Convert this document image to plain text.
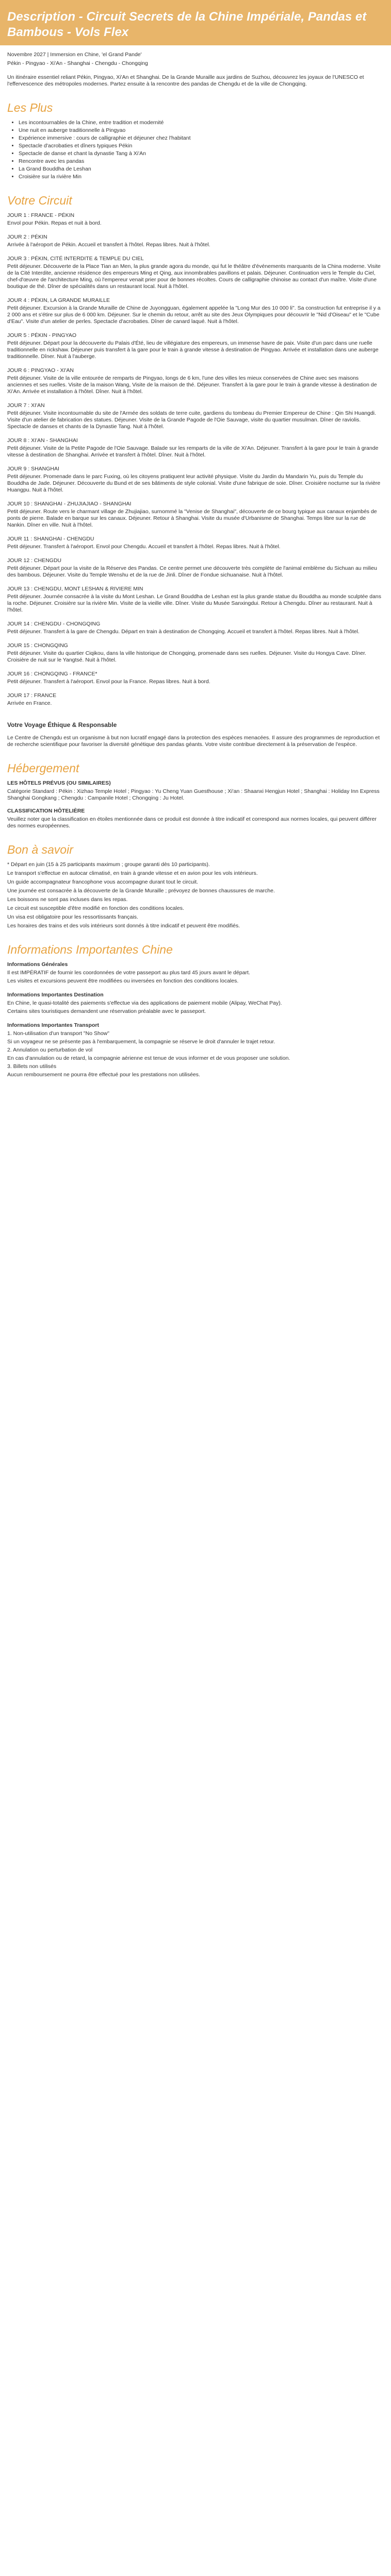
Description - Circuit Secrets de la Chine Impériale, Pandas et

Bambous - Vols Flex

Novembre 2027 | Immersion en Chine, 'el Grand Pande'

Pékin - Pingyao - Xi'An - Shanghai - Chengdu - Chongqing

Un itinéraire essentiel reliant Pékin, Pingyao, Xi'An et Shanghai. De la Grande Muraille aux jardins de Suzhou, découvrez les joyaux de l'UNESCO et l'effervescence des métropoles modernes. Partez ensuite à la rencontre des pandas de Chengdu et de la ville de Chongqing.

Les Plus
• Les incontournables de la Chine, entre tradition et modernité
• Une nuit en auberge traditionnelle à Pingyao
• Expérience immersive : cours de calligraphie et déjeuner chez l'habitant
• Spectacle d'acrobaties et dîners typiques Pékin
• Spectacle de danse et chant la dynastie Tang à Xi'An
• Rencontre avec les pandas
• La Grand Bouddha de Leshan
• Croisière sur la rivière Min
Votre Circuit

JOUR 1 : FRANCE - PÉKIN

Envol pour Pékin. Repas et nuit à bord.

JOUR 2 : PÉKIN

Arrivée à l'aéroport de Pékin. Accueil et transfert à l'hôtel. Repas libres. Nuit à l'hôtel.

JOUR 3 : PÉKIN, CITÉ INTERDITE & TEMPLE DU CIEL

Petit déjeuner. Découverte de la Place Tian an Men, la plus grande agora du monde, qui fut le théâtre d'événements marquants de la China moderne. Visite de la Cité Interdite, ancienne résidence des empereurs Ming et Qing, aux innombrables pavillons et palais. Déjeuner. Continuation vers le Temple du Ciel, chef-d'œuvre de l'architecture Ming, où l'empereur venait prier pour de bonnes récoltes. Cours de calligraphie chinoise au contact d'un maître. Visite d'une boutique de thé. Dîner de spécialités dans un restaurant local. Nuit à l'hôtel.

JOUR 4 : PÉKIN, LA GRANDE MURAILLE

Petit déjeuner. Excursion à la Grande Muraille de Chine de Juyongguan, également appelée la "Long Mur des 10 000 li". Sa construction fut entreprise il y a 2 000 ans et s'étire sur plus de 6 000 km. Déjeuner. Sur le chemin du retour, arrêt au site des Jeux Olympiques pour découvrir le "Nid d'Oiseau" et le "Cube d'Eau". Visite d'un atelier de perles. Spectacle d'acrobaties. Dîner de canard laqué. Nuit à l'hôtel.

JOUR 5 : PÉKIN - PINGYAO

Petit déjeuner. Départ pour la découverte du Palais d'Été, lieu de villégiature des empereurs, un immense havre de paix. Visite d'un parc dans une ruelle traditionnelle en rickshaw. Déjeuner puis transfert à la gare pour le train à grande vitesse à destination de Pingyao. Arrivée et installation dans une auberge traditionnelle. Dîner. Nuit à l'auberge.

JOUR 6 : PINGYAO - XI'AN

Petit déjeuner. Visite de la ville entourée de remparts de Pingyao, longs de 6 km, l'une des villes les mieux conservées de Chine avec ses maisons anciennes et ses ruelles. Visite de la maison Wang, Visite de la maison de thé. Déjeuner. Transfert à la gare pour le train à grande vitesse à destination de Xi'An. Arrivée et installation à l'hôtel. Dîner. Nuit à l'hôtel.

JOUR 7 : XI'AN

Petit déjeuner. Visite incontournable du site de l'Armée des soldats de terre cuite, gardiens du tombeau du Premier Empereur de Chine : Qin Shi Huangdi. Visite d'un atelier de fabrication des statues. Déjeuner. Visite de la Grande Pagode de l'Oie Sauvage, visite du quartier musulman. Dîner de raviolis. Spectacle de danses et chants de la Dynastie Tang. Nuit à l'hôtel.

JOUR 8 : XI'AN - SHANGHAI

Petit déjeuner. Visite de la Petite Pagode de l'Oie Sauvage. Balade sur les remparts de la ville de Xi'An. Déjeuner. Transfert à la gare pour le train à grande vitesse à destination de Shanghai. Arrivée et transfert à l'hôtel. Dîner. Nuit à l'hôtel.

JOUR 9 : SHANGHAI

Petit déjeuner. Promenade dans le parc Fuxing, où les citoyens pratiquent leur activité physique. Visite du Jardin du Mandarin Yu, puis du Temple du Bouddha de Jade. Déjeuner. Découverte du Bund et de ses bâtiments de style colonial. Visite d'une fabrique de soie. Dîner. Croisière nocturne sur la rivière Huangpu. Nuit à l'hôtel.

JOUR 10 : SHANGHAI - ZHUJIAJIAO - SHANGHAI

Petit déjeuner. Route vers le charmant village de Zhujiajiao, surnommé la "Venise de Shanghai", découverte de ce bourg typique aux canaux enjambés de ponts de pierre. Balade en barque sur les canaux. Déjeuner. Retour à Shanghai. Visite du musée d'Urbanisme de Shanghai. Temps libre sur la rue de Nankin. Dîner en ville. Nuit à l'hôtel.

JOUR 11 : SHANGHAI - CHENGDU

Petit déjeuner. Transfert à l'aéroport. Envol pour Chengdu. Accueil et transfert à l'hôtel. Repas libres. Nuit à l'hôtel.

JOUR 12 : CHENGDU

Petit déjeuner. Départ pour la visite de la Réserve des Pandas. Ce centre permet une découverte très complète de l'animal emblème du Sichuan au milieu des bambous. Déjeuner. Visite du Temple Wenshu et de la rue de Jinli. Dîner de Fondue sichuanaise. Nuit à l'hôtel.

JOUR 13 : CHENGDU, MONT LESHAN & RIVIERE MIN

Petit déjeuner. Journée consacrée à la visite du Mont Leshan. Le Grand Bouddha de Leshan est la plus grande statue du Bouddha au monde sculptée dans la roche. Déjeuner. Croisière sur la rivière Min. Visite de la vieille ville. Dîner. Visite du Musée Sanxingdui. Retour à Chengdu. Dîner au restaurant. Nuit à l'hôtel.

JOUR 14 : CHENGDU - CHONGQING

Petit déjeuner. Transfert à la gare de Chengdu. Départ en train à destination de Chongqing. Accueil et transfert à l'hôtel. Repas libres. Nuit à l'hôtel.

JOUR 15 : CHONGQING

Petit déjeuner. Visite du quartier Ciqikou, dans la ville historique de Chongqing, promenade dans ses ruelles. Déjeuner. Visite du Hongya Cave. Dîner. Croisière de nuit sur le Yangtsé. Nuit à l'hôtel.

JOUR 16 : CHONGQING - FRANCE*

Petit déjeuner. Transfert à l'aéroport. Envol pour la France. Repas libres. Nuit à bord.

JOUR 17 : FRANCE

Arrivée en France.

Votre Voyage Éthique & Responsable

Le Centre de Chengdu est un organisme à but non lucratif engagé dans la protection des espèces menacées. Il assure des programmes de reproduction et de recherche scientifique pour favoriser la diversité génétique des pandas géants. Votre visite contribue directement à la préservation de l'espèce.

Hébergement

LES HÔTELS PRÉVUS (OU SIMILAIRES)

Catégorie Standard : Pékin : Xizhao Temple Hotel ; Pingyao : Yu Cheng Yuan Guesthouse ; Xi'an : Shaanxi Hengjun Hotel ; Shanghai : Holiday Inn Express Shanghai Gongkang ; Chengdu : Campanile Hotel ; Chongqing : Ju Hotel.

CLASSIFICATION HÔTELIÈRE

Veuillez noter que la classification en étoiles mentionnée dans ce produit est donnée à titre indicatif et correspond aux normes locales, qui peuvent différer des normes européennes.

Bon à savoir
* Départ en juin (15 à 25 participants maximum ; groupe garanti dès 10 participants).
Le transport s'effectue en autocar climatisé, en train à grande vitesse et en avion pour les vols intérieurs.
Un guide accompagnateur francophone vous accompagne durant tout le circuit.
Une journée est consacrée à la découverte de la Grande Muraille ; prévoyez de bonnes chaussures de marche.
Les boissons ne sont pas incluses dans les repas.
Le circuit est susceptible d'être modifié en fonction des conditions locales.
Un visa est obligatoire pour les ressortissants français.
Les horaires des trains et des vols intérieurs sont donnés à titre indicatif et peuvent être modifiés.
Informations Importantes Chine

Informations Générales

Il est IMPÉRATIF de fournir les coordonnées de votre passeport au plus tard 45 jours avant le départ.

Les visites et excursions peuvent être modifiées ou inversées en fonction des conditions locales.

Informations Importantes Destination

En Chine, le quasi-totalité des paiements s'effectue via des applications de paiement mobile (Alipay, WeChat Pay).

Certains sites touristiques demandent une réservation préalable avec le passeport.

Informations Importantes Transport

1. Non-utilisation d'un transport "No Show"

Si un voyageur ne se présente pas à l'embarquement, la compagnie se réserve le droit d'annuler le trajet retour.

2. Annulation ou perturbation de vol

En cas d'annulation ou de retard, la compagnie aérienne est tenue de vous informer et de vous proposer une solution.

3. Billets non utilisés

Aucun remboursement ne pourra être effectué pour les prestations non utilisées.
